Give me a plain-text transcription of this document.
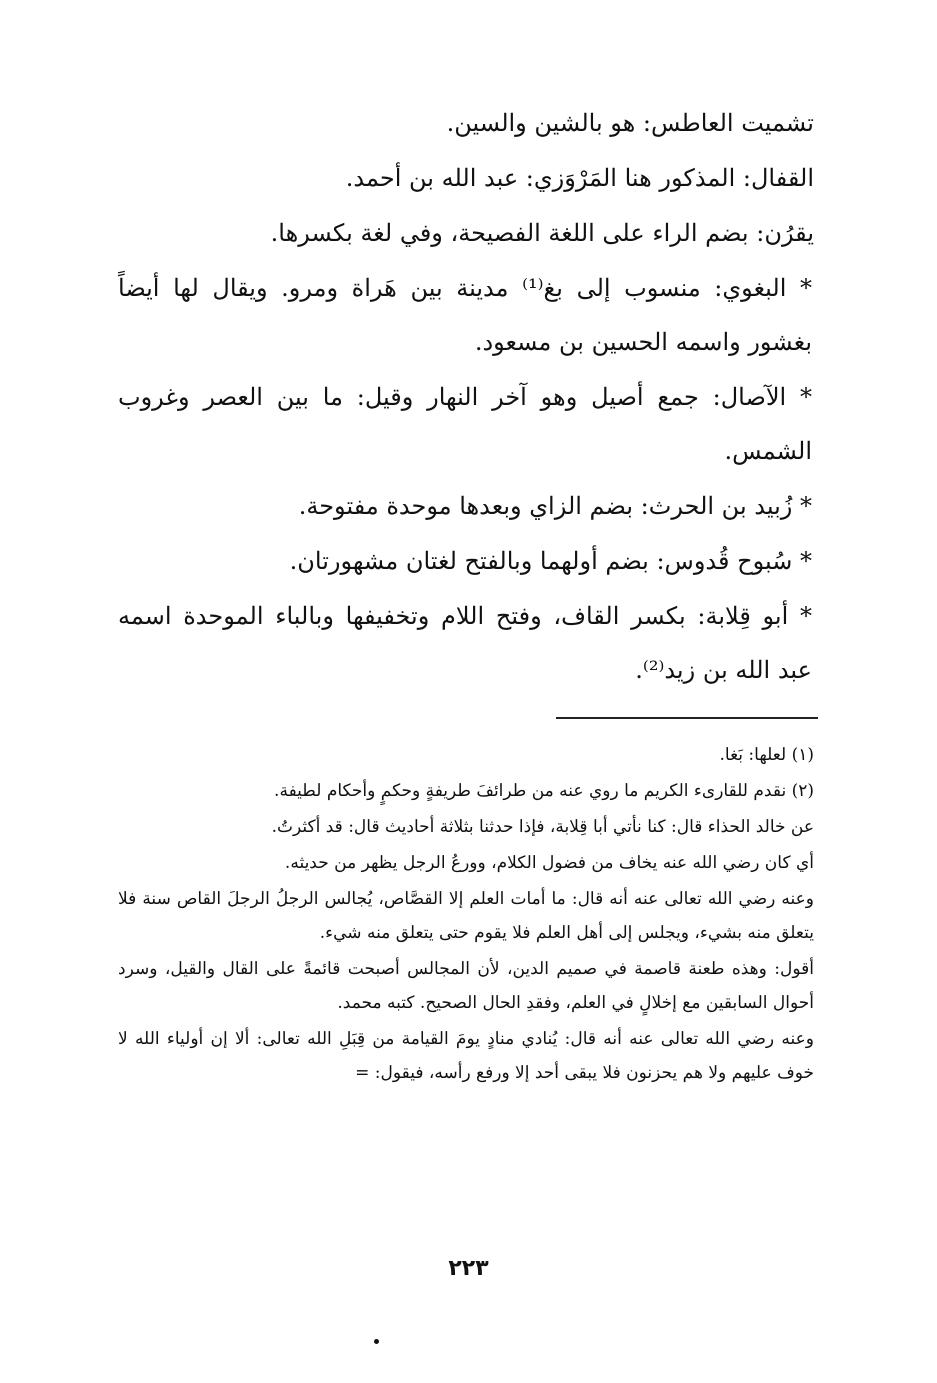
تشميت العاطس: هو بالشين والسين.

القفال: المذكور هنا المَرْوَزي: عبد الله بن أحمد.

يقرُن: بضم الراء على اللغة الفصيحة، وفي لغة بكسرها.

* البغوي: منسوب إلى بغ⁽¹⁾ مدينة بين هَراة ومرو. ويقال لها أيضاً بغشور واسمه الحسين بن مسعود.

* الآصال: جمع أصيل وهو آخر النهار وقيل: ما بين العصر وغروب الشمس.

* زُبيد بن الحرث: بضم الزاي وبعدها موحدة مفتوحة.

* سُبوح قُدوس: بضم أولهما وبالفتح لغتان مشهورتان.

* أبو قِلابة: بكسر القاف، وفتح اللام وتخفيفها وبالباء الموحدة اسمه عبد الله بن زيد⁽²⁾.

(١) لعلها: بَغا.

(٢) نقدم للقارىء الكريم ما روي عنه من طرائفَ طريفةٍ وحكمٍ وأحكام لطيفة.

عن خالد الحذاء قال: كنا نأتي أبا قِلابة، فإذا حدثنا بثلاثة أحاديث قال: قد أكثرتُ.

أي كان رضي الله عنه يخاف من فضول الكلام، وورعُ الرجل يظهر من حديثه.

وعنه رضي الله تعالى عنه أنه قال: ما أمات العلم إلا القصَّاص، يُجالس الرجلُ الرجلَ القاص سنة فلا يتعلق منه بشيء، ويجلس إلى أهل العلم فلا يقوم حتى يتعلق منه شيء.

أقول: وهذه طعنة قاصمة في صميم الدين، لأن المجالس أصبحت قائمةً على القال والقيل، وسرد أحوال السابقين مع إخلالٍ في العلم، وفقدِ الحال الصحيح. كتبه محمد.

وعنه رضي الله تعالى عنه أنه قال: يُنادي منادٍ يومَ القيامة من قِبَلِ الله تعالى: ألا إن أولياء الله لا خوف عليهم ولا هم يحزنون فلا يبقى أحد إلا ورفع رأسه، فيقول: =

٢٢٣
